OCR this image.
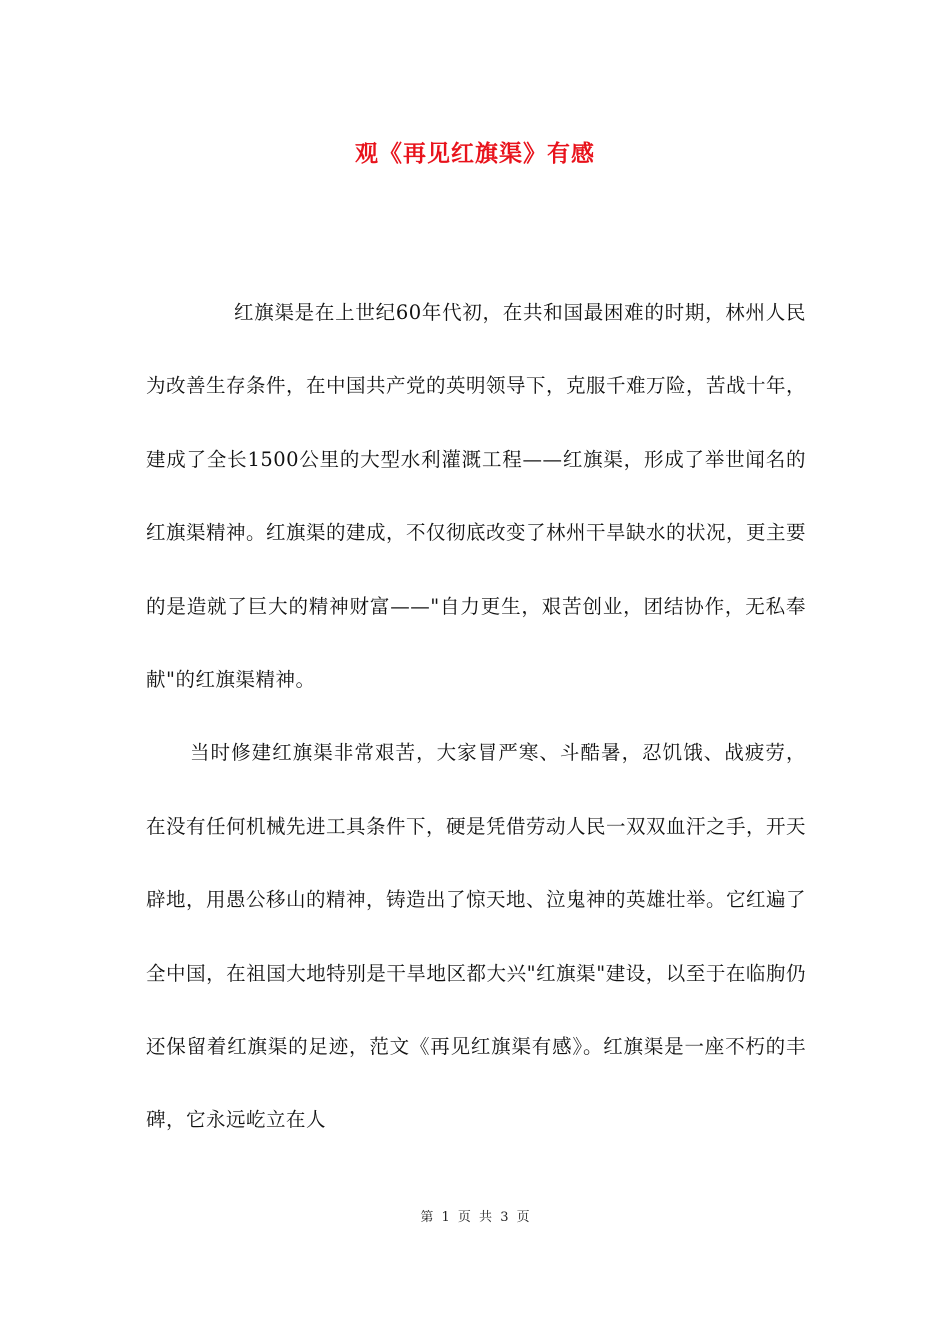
观《再见红旗渠》有感

红旗渠是在上世纪60年代初，在共和国最困难的时期，林州人民为改善生存条件，在中国共产党的英明领导下，克服千难万险，苦战十年，建成了全长1500公里的大型水利灌溉工程——红旗渠，形成了举世闻名的红旗渠精神。红旗渠的建成，不仅彻底改变了林州干旱缺水的状况，更主要的是造就了巨大的精神财富——"自力更生，艰苦创业，团结协作，无私奉献"的红旗渠精神。

当时修建红旗渠非常艰苦，大家冒严寒、斗酷暑，忍饥饿、战疲劳，在没有任何机械先进工具条件下，硬是凭借劳动人民一双双血汗之手，开天辟地，用愚公移山的精神，铸造出了惊天地、泣鬼神的英雄壮举。它红遍了全中国，在祖国大地特别是干旱地区都大兴"红旗渠"建设，以至于在临朐仍还保留着红旗渠的足迹，范文《再见红旗渠有感》。红旗渠是一座不朽的丰碑，它永远屹立在人

第 1 页 共 3 页
